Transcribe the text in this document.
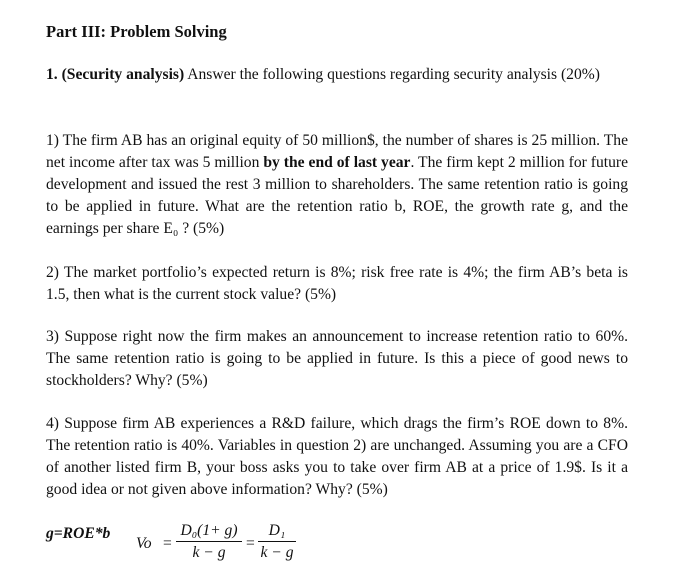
Part III: Problem Solving

1. (Security analysis) Answer the following questions regarding security analysis (20%)

1) The firm AB has an original equity of 50 million$, the number of shares is 25 million. The net income after tax was 5 million by the end of last year. The firm kept 2 million for future development and issued the rest 3 million to shareholders. The same retention ratio is going to be applied in future. What are the retention ratio b, ROE, the growth rate g, and the earnings per share E₀ ? (5%)

2) The market portfolio’s expected return is 8%; risk free rate is 4%; the firm AB’s beta is 1.5, then what is the current stock value? (5%)

3) Suppose right now the firm makes an announcement to increase retention ratio to 60%. The same retention ratio is going to be applied in future. Is this a piece of good news to stockholders? Why? (5%)

4) Suppose firm AB experiences a R&D failure, which drags the firm’s ROE down to 8%. The retention ratio is 40%. Variables in question 2) are unchanged. Assuming you are a CFO of another listed firm B, your boss asks you to take over firm AB at a price of 1.9$. Is it a good idea or not given above information? Why? (5%)

g=ROE*b
$Vo = \frac{\text{D₀(1+ g)}}{k - g} = \frac{\text{D₁}}{k - g}$
